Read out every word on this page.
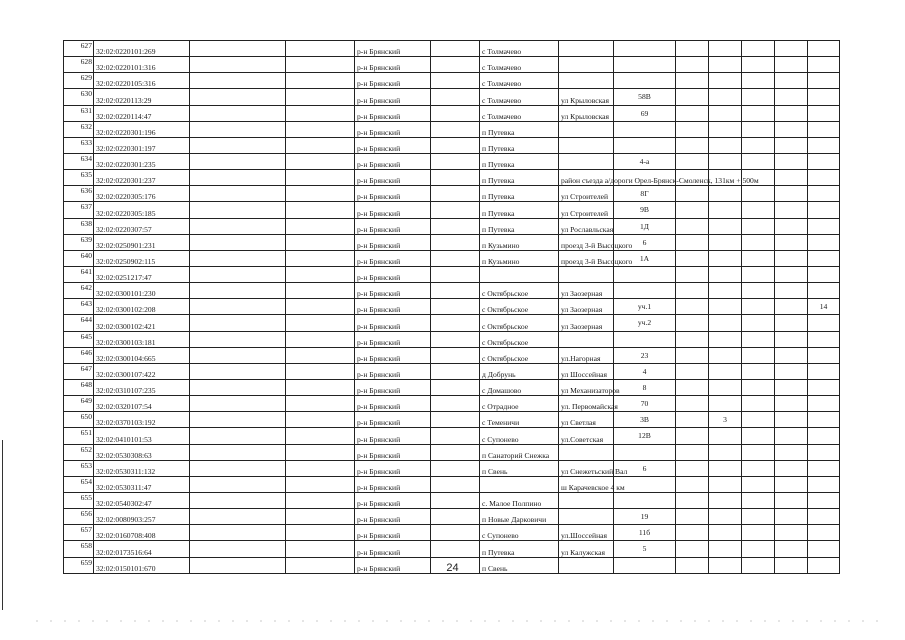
627	32:02:0220101:269			р-н Брянский		с Толмачево							
628	32:02:0220101:316			р-н Брянский		с Толмачево							
629	32:02:0220105:316			р-н Брянский		с Толмачево							
630	32:02:0220113:29			р-н Брянский		с Толмачево	ул Крыловская	58В					
631	32:02:0220114:47			р-н Брянский		с Толмачево	ул Крыловская	69					
632	32:02:0220301:196			р-н Брянский		п Путевка							
633	32:02:0220301:197			р-н Брянский		п Путевка							
634	32:02:0220301:235			р-н Брянский		п Путевка		4-а					
635	32:02:0220301:237			р-н Брянский		п Путевка	район съезда а/дороги Орел-Брянск-Смоленск, 131км + 500м						
636	32:02:0220305:176			р-н Брянский		п Путевка	ул Строителей	8Г					
637	32:02:0220305:185			р-н Брянский		п Путевка	ул Строителей	9В					
638	32:02:0220307:57			р-н Брянский		п Путевка	ул Рославльская	1Д					
639	32:02:0250901:231			р-н Брянский		п Кузьмино	проезд 3-й Высоцкого	6					
640	32:02:0250902:115			р-н Брянский		п Кузьмино	проезд 3-й Высоцкого	1А					
641	32:02:0251217:47			р-н Брянский									
642	32:02:0300101:230			р-н Брянский		с Октябрьское	ул Заозерная						
643	32:02:0300102:208			р-н Брянский		с Октябрьское	ул Заозерная	уч.1					14
644	32:02:0300102:421			р-н Брянский		с Октябрьское	ул Заозерная	уч.2					
645	32:02:0300103:181			р-н Брянский		с Октябрьское							
646	32:02:0300104:665			р-н Брянский		с Октябрьское	ул.Нагорная	23					
647	32:02:0300107:422			р-н Брянский		д Добрунь	ул Шоссейная	4					
648	32:02:0310107:235			р-н Брянский		с Домашово	ул Механизаторов	8					
649	32:02:0320107:54			р-н Брянский		с Отрадное	ул. Первомайская	70					
650	32:02:0370103:192			р-н Брянский		с Теменичи	ул Светлая	3В		3			
651	32:02:0410101:53			р-н Брянский		с Супонево	ул.Советская	12В					
652	32:02:0530308:63			р-н Брянский		п Санаторий Снежка							
653	32:02:0530311:132			р-н Брянский		п Свень	ул Снежетьский Вал	6					
654	32:02:0530311:47			р-н Брянский			ш Карачевское 4 км						
655	32:02:0540302:47			р-н Брянский		с. Малое Полпино							
656	32:02:0080903:257			р-н Брянский		п Новые Дарковичи		19					
657	32:02:0160708:408			р-н Брянский		с Супонево	ул.Шоссейная	11б					
658	32:02:0173516:64			р-н Брянский		п Путевка	ул Калужская	5					
659	32:02:0150101:670			р-н Брянский		п Свень							
24
